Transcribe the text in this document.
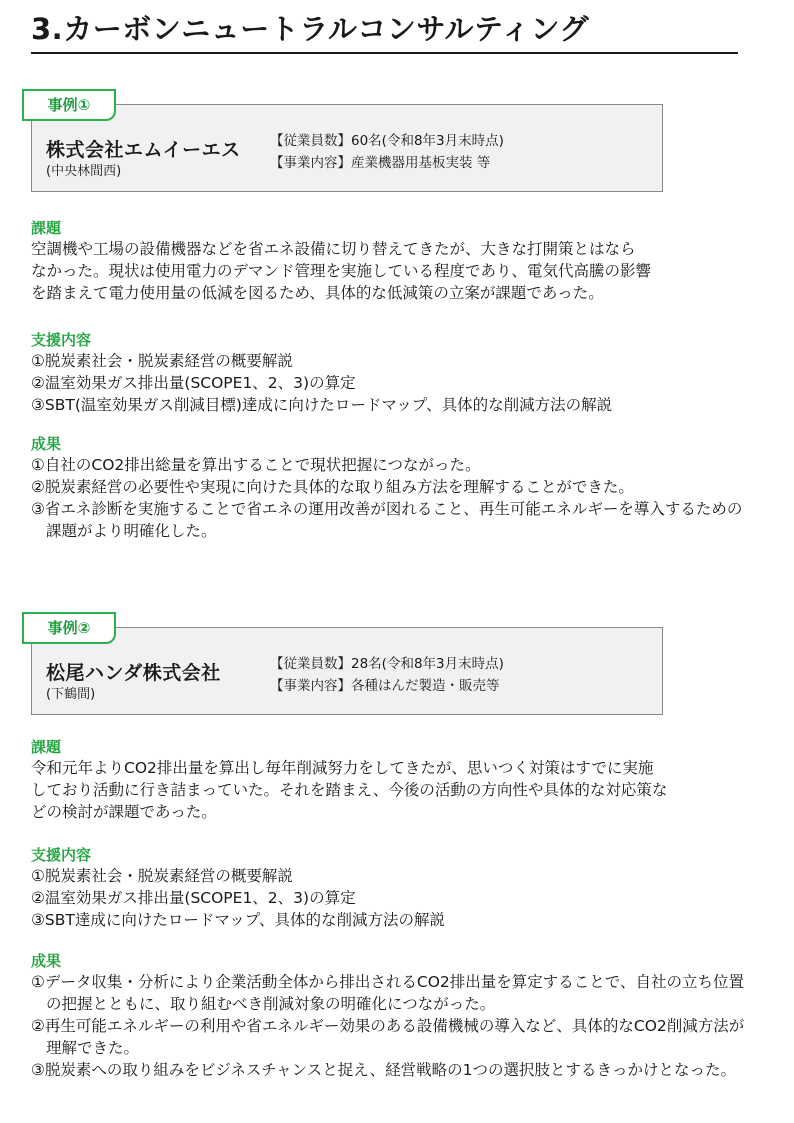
3.カーボンニュートラルコンサルティング
事例①
株式会社エムイーエス
(中央林間西)
【従業員数】60名(令和8年3月末時点)
【事業内容】産業機器用基板実装 等
課題
空調機や工場の設備機器などを省エネ設備に切り替えてきたが、大きな打開策とはなら
なかった。現状は使用電力のデマンド管理を実施している程度であり、電気代高騰の影響
を踏まえて電力使用量の低減を図るため、具体的な低減策の立案が課題であった。
支援内容
①脱炭素社会・脱炭素経営の概要解説
②温室効果ガス排出量(SCOPE1、2、3)の算定
③SBT(温室効果ガス削減目標)達成に向けたロードマップ、具体的な削減方法の解説
成果
①自社のCO2排出総量を算出することで現状把握につながった。
②脱炭素経営の必要性や実現に向けた具体的な取り組み方法を理解することができた。
③省エネ診断を実施することで省エネの運用改善が図れること、再生可能エネルギーを導入するための課題がより明確化した。
事例②
松尾ハンダ株式会社
(下鶴間)
【従業員数】28名(令和8年3月末時点)
【事業内容】各種はんだ製造・販売等
課題
令和元年よりCO2排出量を算出し毎年削減努力をしてきたが、思いつく対策はすでに実施
しており活動に行き詰まっていた。それを踏まえ、今後の活動の方向性や具体的な対応策な
どの検討が課題であった。
支援内容
①脱炭素社会・脱炭素経営の概要解説
②温室効果ガス排出量(SCOPE1、2、3)の算定
③SBT達成に向けたロードマップ、具体的な削減方法の解説
成果
①データ収集・分析により企業活動全体から排出されるCO2排出量を算定することで、自社の立ち位置の把握とともに、取り組むべき削減対象の明確化につながった。
②再生可能エネルギーの利用や省エネルギー効果のある設備機械の導入など、具体的なCO2削減方法が理解できた。
③脱炭素への取り組みをビジネスチャンスと捉え、経営戦略の1つの選択肢とするきっかけとなった。
